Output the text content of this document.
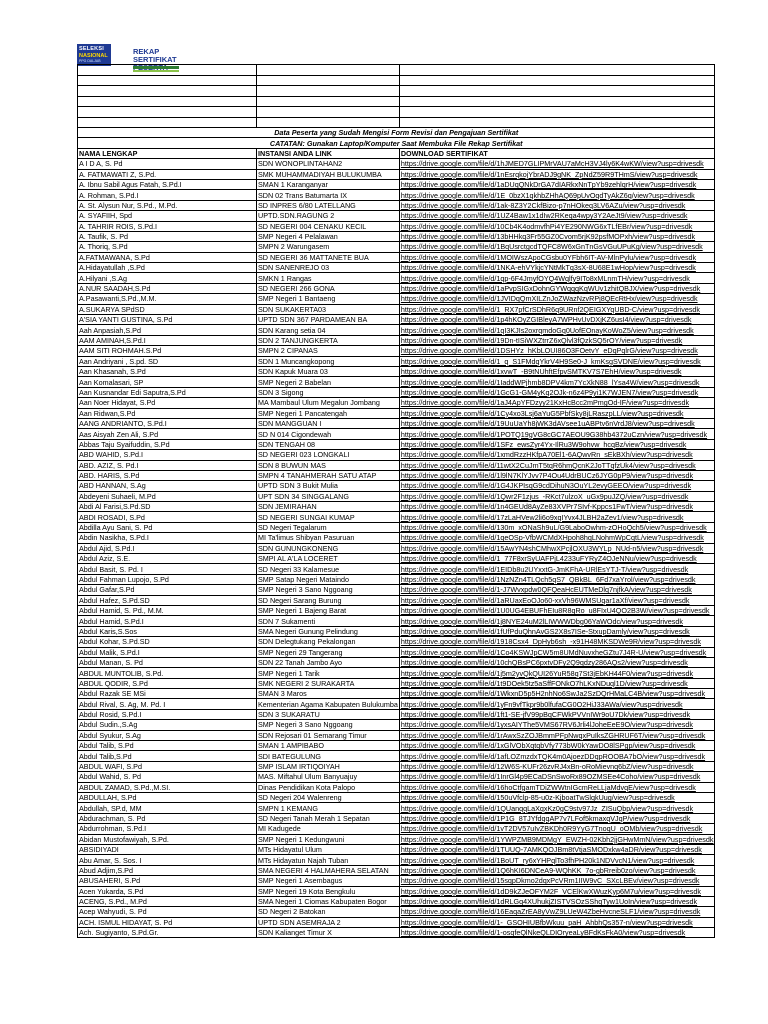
SELEKSI
NASIONAL
PPG DALJAB
REKAP
SERTIFIKAT

Data Peserta yang Sudah Mengisi Form Revisi dan Pengajuan Sertifikat		
CATATAN: Gunakan Laptop/Komputer Saat Membuka File Rekap Sertifikat		
NAMA LENGKAP	INSTANSI ANDA LINK	DOWNLOAD SERTIFIKAT
A I D A, S. Pd	SDN WONOPLINTAHAN2	https://drive.google.com/file/d/1hJMED7GLIPMrVAU7aMcH3VJ4ly6K4wKW/view?usp=drivesdk
A. FATMAWATI Z, S.Pd.	SMK MUHAMMADIYAH BULUKUMBA	https://drive.google.com/file/d/1nEsrqkojYbrADJ9gNK_ZpNdZ59R9THmS/view?usp=drivesdk
A. Ibnu Sabil Agus Fatah, S.Pd.I	SMAN 1 Karanganyar	https://drive.google.com/file/d/1aDUqQNkDrGA7dIARkxNnTpYb9zehlqrH/view?usp=drivesdk
A. Rohman, S.Pd.I	SDN 02 Trans Batumarta IX	https://drive.google.com/file/d/1E_0bzX1qkhbZHhAQ69pUvOqdTyAkZ6q/view?usp=drivesdk
A. St. Alysun Nur, S.Pd., M.Pd.	SD INPRES 6/80 LATELLANG	https://drive.google.com/file/d/1ak-8Z3Y2CkfBizo-p7nHOkeq3LV6AZu/view?usp=drivesdk
A. SYAFIIH, Spd	UPTD.SDN.RAGUNG 2	https://drive.google.com/file/d/1UZ4Baw1x1dIw2RKeqa4wpy3Y2AeJt9/view?usp=drivesdk
A. TAHRIR ROIS, S.Pd.I	SD NEGERI 004 CENAKU KECIL	https://drive.google.com/file/d/10Cb4K4odmvfhPi4YE290NWG6xTLfEBr/view?usp=drivesdk
A. Taufik, S. Pd	SMP Negeri 4 Pelalawan	https://drive.google.com/file/d/13bHHkq3Fr55GZ0Cvom5rjK92psfMOPxh/view?usp=drivesdk
A. Thoriq, S.Pd	SMPN 2 Warungasem	https://drive.google.com/file/d/1BqUsrctgcdTQFC8W6xGnTnGsVGuUPuKg/view?usp=drivesdk
A.FATMAWANA, S.Pd	SD NEGERI 36 MATTANETE BUA	https://drive.google.com/file/d/1MOIWszApoCGsbu0YFbh6IT-AV-MlnPylu/view?usp=drivesdk
A.Hidayatullah ,S.Pd	SDN SANENREJO 03	https://drive.google.com/file/d/1NKA-ehVYkjcYNtMkTq3sX-8U68E1wHop/view?usp=drivesdk
A.Hilyani ,S.Ag	SMKN 1 Rangas	https://drive.google.com/file/d/1qp-6F4JmyfOYQ4Wqlfy9ITo8xMLnmTH/view?usp=drivesdk
A.NUR SAADAH,S.Pd	SD NEGERI 266 GONA	https://drive.google.com/file/d/1aPvpSIGxDohnGYWqqqKqWUv1zhitQBJX/view?usp=drivesdk
A.Pasawanti,S.Pd.,M.M.	SMP Negeri 1 Bantaeng	https://drive.google.com/file/d/1JVIDqQmXILZnJoZWazNzvRPj8QEcRtHx/view?usp=drivesdk
A.SUKARYA SPdSD	SDN SUKAKERTA03	https://drive.google.com/file/d/1_RX7pfCrSDhR6q9URnf2QEIGXYqUBD-C/view?usp=drivesdk
A'SIA YANTI GUSTINA, S.Pd	UPTD SDN 367 PARDAMEAN BA	https://drive.google.com/file/d/1p4hKOyZGIBleyA7WPHvUvDXjKZ6usI4/view?usp=drivesdk
Aah Anpasiah,S.Pd	SDN Karang setia 04	https://drive.google.com/file/d/1qI3KJIs2oxrqmdoGq0UofEOnayKoWoZ5/view?usp=drivesdk
AAM AMINAH,S.Pd.I	SDN 2 TANJUNGKERTA	https://drive.google.com/file/d/19Dn-tISiWXZtrrZ6xQlvl3fQzkSQ5rOY/view?usp=drivesdk
AAM SITI ROHMAH.S.Pd	SMPN 2 CIPANAS	https://drive.google.com/file/d/1DSHYz_hKbLOUI86O3FOetvY_eDqPqlrG/view?usp=drivesdk
Aan Andriyani , S.pd. SD	SDN 1 Muncangkopong	https://drive.google.com/file/d/1_q_S1FMdqYkrV4H9Se0-J_kmKsgSVDNE/view?usp=drivesdk
Aan Khasanah, S.Pd	SDN Kapuk Muara 03	https://drive.google.com/file/d/1xvwT_-B9tNUhftEfpvSMTKV7S7EhH/view?usp=drivesdk
Aan Komalasari, SP	SMP Negeri 2 Babelan	https://drive.google.com/file/d/1IaddWPjhmb8DPV4km7YcXkN88_lYsa4W/view?usp=drivesdk
Aan Kusnandar Edi Saputra,S.Pd	SDN 3 Sigong	https://drive.google.com/file/d/1GcG1-GM4yKq2OJk-n6z4P9yi1K7WJEN7/view?usp=drivesdk
Aan Noer Hidayat, S.Pd	MA Mambaul Ulum Megalun Jombang	https://drive.google.com/file/d/1aJ4ApYFDzyy21KxHcBcc2mPmgOd-IF/view?usp=drivesdk
Aan Ridwan,S.Pd	SMP Negeri 1 Pancatengah	https://drive.google.com/file/d/1Cy4xo3Lsj6aYuG5PbfSky8jLRaszpLL/view?usp=drivesdk
AANG ANDRIANTO, S.Pd.I	SDN MANGGUAN I	https://drive.google.com/file/d/19UuUaYh8jWK3dAVsee1uABPtv6nVrdJ8/view?usp=drivesdk
Aas Aisyah Zen Ali, S.Pd	SD N 014 Cigondewah	https://drive.google.com/file/d/1POTQ19gVG8cGC7AEOU9G38hb4372uCzn/view?usp=drivesdk
Abbas Taju Syaifuddin, S.Pd	SDN TENGAH 08	https://drive.google.com/file/d/1SFz_ewsZyr4Yx-IlRu3W9ohvw_hcqBz/view?usp=drivesdk
ABD WAHID, S.Pd.I	SD NEGERI 023 LONGKALI	https://drive.google.com/file/d/1xmdRzzHKfpA70El1-6AQwvRn_sEkBXh/view?usp=drivesdk
ABD. AZIZ, S. Pd.I	SDN 8 BUWUN MAS	https://drive.google.com/file/d/11wtX2CuJmT5tqR6hmQcnK2JoTTqfzUk4/view?usp=drivesdk
ABD. HARIS, S.Pd	SMPN 4 TANAHMERAH SATU ATAP	https://drive.google.com/file/d/1l9lN7KlYJvv7P4Ou4UdrBUCz6JYG0pP9/view?usp=drivesdk
ABD HANNAN, S.Ag	UPTD SDN 3 Bukit Mulia	https://drive.google.com/file/d/1G4JKPIsqG9cdDihuN3OuYL2evyGEEO/view?usp=drivesdk
Abdeyeni Suhaeli, M.Pd	UPT SDN 34 SINGGALANG	https://drive.google.com/file/d/1Qwr2F1zjus_-RKct7ulzoX_uGx9puJZQ/view?usp=drivesdk
Abdi Al Farisi,S.Pd.SD	SDN JEMIRAHAN	https://drive.google.com/file/d/1n4GEUd8AyZe83XVPr7SIvf-Kppcs1FwT/view?usp=drivesdk
ABDI ROSADI, S.Pd	SD NEGERI SUNGAI KUMAP	https://drive.google.com/file/d/17zLaHVew2li6o9xqIYvx4JLBH2aZev1/view?usp=drivesdk
Abdilla Ayu Sani, S. Pd	SD Negeri Tegalarum	https://drive.google.com/file/d/130m_xONaSh9uL/G9LaboOwhm-zOHoQch5/view?usp=drivesdk
Abdin Nasikha, S.Pd.I	MI Ta'limus Shibyan Pasuruan	https://drive.google.com/file/d/1qeOSp-VfbWCMdXHpoh8hqLNohmWpCqtL/view?usp=drivesdk
Abdul Ajid, S.Pd.I	SDN GUNUNGKONENG	https://drive.google.com/file/d/15AwYN4shCMhwXPcjlOXU3WYLp_NUd-n5/view?usp=drivesdk
Abdul Aziz, S.E.	SMPI AL A'LA LOCERET	https://drive.google.com/file/d/1_77F8xrSyUAFPjL4233uFYRyZ4OJeNNu/view?usp=drivesdk
Abdul Basit, S. Pd. I	SD Negeri 33 Kalamesue	https://drive.google.com/file/d/1EIDb8u2UYxxtG-JmKFhA-URlEsYTJ-T/view?usp=drivesdk
Abdul Fahman Lupojo, S.Pd	SMP Satap Negeri Mataindo	https://drive.google.com/file/d/1NzNZn4TLQch5qS7_QBkBL_6Fd7xaYrol/view?usp=drivesdk
Abdul Gafar,S.Pd	SMP Negeri 3 Sano Nggoang	https://drive.google.com/file/d/1-J7Wvxpdw0QFQeaHcEUTMeDlq7njfkA/view?usp=drivesdk
Abdul Hafez, S.Pd.SD	SD Negeri Sarang Burung	https://drive.google.com/file/d/1aRUaxEoOJo60-xxVh96WMSUqar1aXf/view?usp=drivesdk
Abdul Hamid, S. Pd., M.M.	SMP Negeri 1 Bajeng Barat	https://drive.google.com/file/d/1U0UG4EBUFhEIu8R8qRo_u8FIxU4QO2B3W/view?usp=drivesdk
Abdul Hamid, S.Pd.I	SDN 7 Sukamenti	https://drive.google.com/file/d/1j8NYE24uM2lLIWWWDbg06YaWOdc/view?usp=drivesdk
Abdul Karis,S.Sos	SMA Negeri Gunung Pelindung	https://drive.google.com/file/d/1fUfPduQhnAvGS2X8s7ISe-StxupDamly/view?usp=drivesdk
Abdul Kohar, S.Pd.SD	SDN Delegtukang Pekalongan	https://drive.google.com/file/d/1918Csx4_DpHyb6sh_-x91H48MKSDWe9R/view?usp=drivesdk
Abdul Malik, S.Pd.I	SMP Negeri 29 Tangerang	https://drive.google.com/file/d/1Co4KSWJpCW5m8UMdNuvxheGZtu7J4R-U/view?usp=drivesdk
Abdul Manan, S. Pd	SDN 22 Tanah Jambo Ayo	https://drive.google.com/file/d/10chQBsPC6pxtvDFy2Q9qdzy286AQs2/view?usp=drivesdk
ABDUL MUNTOLIB, S.Pd.	SMP Negeri 1 Tarik	https://drive.google.com/file/d/1j5m2yvQkQUI26YuR58q7St3jEbKH44F0/view?usp=drivesdk
ABDUL QODIR, S.Pd	SMK NEGERI 2 SURAKARTA	https://drive.google.com/file/d/1t9DOek5tz5aSffFONkO7hLKxNDuql1D/view?usp=drivesdk
Abdul Razak SE MSi	SMAN 3 Maros	https://drive.google.com/file/d/1WkxnD5p5H2nhNo6SwJa2SzDQrHMaLC4B/view?usp=drivesdk
Abdul Rival, S. Ag, M. Pd. I	Kementerian Agama Kabupaten Bulukumba	https://drive.google.com/file/d/1yFn9vfTkpr9b0lfufaCG0O2HiJ33AWa/view?usp=drivesdk
Abdul Rosid, S.Pd.I	SDN 3 SUKARATU	https://drive.google.com/file/d/1ft1-SE-jfV99pBqCFWkPVVnIWr9oU7Dk/view?usp=drivesdk
Abdul Sudin.,S.Ag	SMP Negeri 3 Sano Nggoang	https://drive.google.com/file/d/1yxsAIYThe5VMS67RV6Jrli4lJoheEeE9O/view?usp=drivesdk
Abdul Syukur, S.Ag	SDN Rejosari 01 Semarang Timur	https://drive.google.com/file/d/1rAwxSzZOJBmmPFpNwqxPuIksZGHRUF6T/view?usp=drivesdk
Abdul Talib, S.Pd	SMAN 1 AMPIBABO	https://drive.google.com/file/d/1xGlVObXqtqbVfy773bW0kYawDO8lSPgp/view?usp=drivesdk
Abdul Talib,S.Pd	SDI BATEGULUNG	https://drive.google.com/file/d/1afLOZmzdxTQK4m0AjoezDDqpROOBA7bO/view?usp=drivesdk
ABDUL WAFI, S.Pd	SMP ISLAM IRTIQOIYAH	https://drive.google.com/file/d/12W6S-KUFr26zvRJ4xBn-oRoMievnq6bZ/view?usp=drivesdk
Abdul Wahid, S. Pd	MAS. Miftahul Ulum Banyuajuy	https://drive.google.com/file/d/1InrGl4p9ECaDSnSwoRx89OZMSEe4Coho/view?usp=drivesdk
ABDUL ZAMAD, S.Pd.,M.SI.	Dinas Pendidikan Kota Palopo	https://drive.google.com/file/d/16hoCtfgamTDiZWWtnIGcmReLLjaMdvqE/view?usp=drivesdk
ABDULLAH, S.Pd	SD Negeri 204 Walenreng	https://drive.google.com/file/d/150uVfclp-85-u0z-KjboatTwSlqkUug/view?usp=drivesdk
Abdullah, SP.d, MM	SMPN 1 KEMANG	https://drive.google.com/file/d/1QUanqqLaXqxKz0gC9stv97Jz_ZISuQbp/view?usp=drivesdk
Abdurachman, S. Pd	SD Negeri Tanah Merah 1 Sepatan	https://drive.google.com/file/d/1P1G_8TJYfdqqAP7v7LFof5kmaxqVJqP/view?usp=drivesdk
Abdurrohman, S.Pd.I	MI Kadugede	https://drive.google.com/file/d/1vT2DV57uIvZBKDh0R9YyG7TnoqU_oOMb/view?usp=drivesdk
Abidan Mustofawiyah, S.Pd.	SMP Negeri 1 Kedungwuni	https://drive.google.com/file/d/1YWPZMB9MDMgY_EWZH-02Kbh2jjGHwMmN/view?usp=drivesdk
ABSIDIYADI	MTs Hidayatul Ulum	https://drive.google.com/file/d/1TUUQ-7AMKQOJBm8tVtjaSMODxkw4aDR/view?usp=drivesdk
Abu Amar, S. Sos. I	MTs Hidayatun Najah Tuban	https://drive.google.com/file/d/1BoUT_ry6xYHPqlTo3fhPH20k1NDVvcN1/view?usp=drivesdk
Abud Adjim,S.Pd	SMA NEGERI 4 HALMAHERA SELATAN	https://drive.google.com/file/d/1Q6hKI6DNCeA9-WQhKK_7o-gbRreib0zo/view?usp=drivesdk
ABUSAHERI, S.Pd	SMP Negeri 1 Asembagus	https://drive.google.com/file/d/15sqpDkmo2dqxPcVRm1IIW9vC_SXcLBEv/view?usp=drivesdk
Acen Yukarda, S.Pd	SMP Negeri 19 Kota Bengkulu	https://drive.google.com/file/d/1dD9kZJeOFYM2F_VCElKwXWuzKyp6M7u/view?usp=drivesdk
ACENG, S.Pd., M.Pd	SMA Negeri 1 Ciomas Kabupaten Bogor	https://drive.google.com/file/d/1dRLGq4XUhukjZISTVSOzSShqTyw1UoIn/view?usp=drivesdk
Acep Wahyudi, S. Pd	SD Negeri 2 Batokan	https://drive.google.com/file/d/16EaqaZrEA8yVwZ9LUeW4ZbeHvcneSLF1/view?usp=drivesdk
ACH. ISMUL HIDAYAT, S. Pd	UPTD SDN ASEMRAJA 2	https://drive.google.com/file/d/1-_GSOHIUBfbWkuu_paH_AhbhQs357-n/view?usp=drivesdk
Ach. Sugiyanto, S.Pd.Gr.	SDN Kalianget Timur X	https://drive.google.com/file/d/1-osqfeQlNkeQLDIOryeaLyBFdKsFkA0/view?usp=drivesdk
